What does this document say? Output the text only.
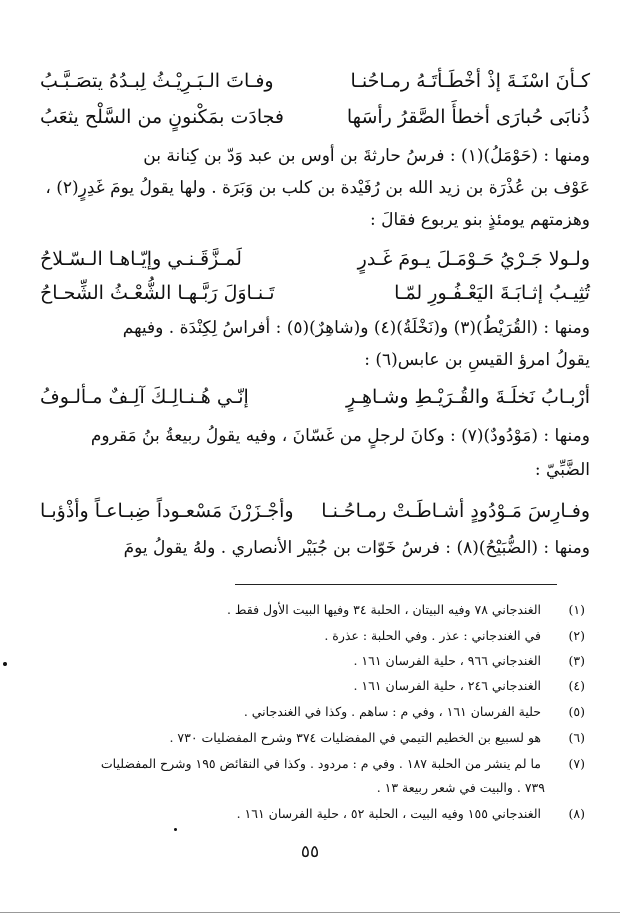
كـأنَ اسْنَـةَ إذْ أخْطَـأتَـهُ رمـاحُنـا
وفـاتَ الـبَـرِيْـثُ لِبـدُهُ يتصَـبَّـبُ
ذُنابَى حُبارَى أخطأَ الصَّقرُ رأسَها
فجادَت بمَكْنونٍ من السَّلْح يثعَبُ
ومنها : (حَوْمَلُ)(١) : فرسُ حارثةَ بن أوس بن عبد وَدّ بن كِنانة بن
عَوْف بن عُذْرَة بن زيد الله بن رُفَيْدة بن كلب بن وَبَرَة . ولها يقولُ يومَ غَدِرٍ(٢) ،
وهزمتهم يومئذٍ بنو يربوع فقالَ :
ولـولا جَـرْيُ حَـوْمَـلَ يـومَ غَـدرٍ
لَمـزَّقَـنـي وإيّـاهـا الـسّـلاحُ
تُثِيـبُ إثـابَـةَ اليَعْـفُـورِ لمّـا
تَـنـاوَلَ رَبَّـهـا الشُّعْـثُ الشِّحـاحُ
ومنها : (القُرَيْطُ)(٣) و(نَخْلَةُ)(٤) و(شاهِرٌ)(٥) : أفراسُ لِكِنْدَة . وفيهم
يقولُ امرؤ القيسِ بن عابس(٦) :
أرْبـابُ نَخلَـةَ والقُـرَيْـطِ وشـاهِـرٍ
إنّـي هُـنـالِـكَ آلِـفٌ مـألـوفُ
ومنها : (مَوْدُودٌ)(٧) : وكانَ لرجلٍ من غَسّانَ ، وفيه يقولُ ربيعةُ بنُ مَقروم
الضَّبِّيّ :
وفـارِسَ مَـوْدُودٍ أشـاطَـتْ رمـاحُـنـا
وأجْـزَرْنَ مَسْعـوداً ضِبـاعـاً وأذْؤبـا
ومنها : (الضُّبَيْحُ)(٨) : فرسُ خَوّات بن جُبَيْر الأنصاري . ولهُ يقولُ يومَ
(١) الغندجاني ٧٨ وفيه البيتان ، الحلبة ٣٤ وفيها البيت الأول فقط .
(٢) في الغندجاني : عذر . وفي الحلبة : عذرة .
(٣) الغندجاني ٩٦٦ ، حلية الفرسان ١٦١ .
(٤) الغندجاني ٢٤٦ ، حلية الفرسان ١٦١ .
(٥) حلية الفرسان ١٦١ ، وفي م : ساهم . وكذا في الغندجاني .
(٦) هو لسبيع بن الخطيم التيمي في المفضليات ٣٧٤ وشرح المفضليات ٧٣٠ .
(٧) ما لم ينشر من الحلبة ١٨٧ . وفي م : مردود . وكذا في النقائض ١٩٥ وشرح المفضليات
٧٣٩ . والبيت في شعر ربيعة ١٣ .
(٨) الغندجاني ١٥٥ وفيه البيت ، الحلبة ٥٢ ، حلية الفرسان ١٦١ .
٥٥
